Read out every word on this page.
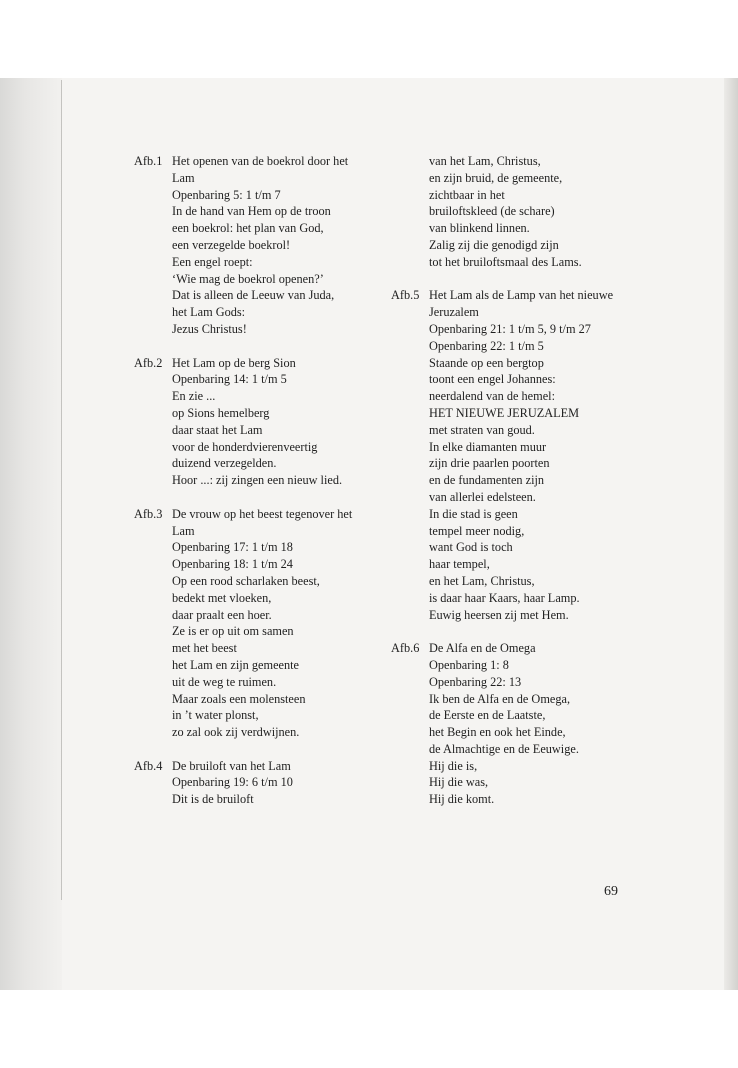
Afb.1 Het openen van de boekrol door het
Lam
Openbaring 5: 1 t/m 7
In de hand van Hem op de troon
een boekrol: het plan van God,
een verzegelde boekrol!
Een engel roept:
‘Wie mag de boekrol openen?’
Dat is alleen de Leeuw van Juda,
het Lam Gods:
Jezus Christus!
Afb.2 Het Lam op de berg Sion
Openbaring 14: 1 t/m 5
En zie ...
op Sions hemelberg
daar staat het Lam
voor de honderdvierenveertig
duizend verzegelden.
Hoor ...: zij zingen een nieuw lied.
Afb.3 De vrouw op het beest tegenover het
Lam
Openbaring 17: 1 t/m 18
Openbaring 18: 1 t/m 24
Op een rood scharlaken beest,
bedekt met vloeken,
daar praalt een hoer.
Ze is er op uit om samen
met het beest
het Lam en zijn gemeente
uit de weg te ruimen.
Maar zoals een molensteen
in ’t water plonst,
zo zal ook zij verdwijnen.
Afb.4 De bruiloft van het Lam
Openbaring 19: 6 t/m 10
Dit is de bruiloft
van het Lam, Christus,
en zijn bruid, de gemeente,
zichtbaar in het
bruiloftskleed (de schare)
van blinkend linnen.
Zalig zij die genodigd zijn
tot het bruiloftsmaal des Lams.
Afb.5 Het Lam als de Lamp van het nieuwe
Jeruzalem
Openbaring 21: 1 t/m 5, 9 t/m 27
Openbaring 22: 1 t/m 5
Staande op een bergtop
toont een engel Johannes:
neerdalend van de hemel:
HET NIEUWE JERUZALEM
met straten van goud.
In elke diamanten muur
zijn drie paarlen poorten
en de fundamenten zijn
van allerlei edelsteen.
In die stad is geen
tempel meer nodig,
want God is toch
haar tempel,
en het Lam, Christus,
is daar haar Kaars, haar Lamp.
Euwig heersen zij met Hem.
Afb.6 De Alfa en de Omega
Openbaring 1: 8
Openbaring 22: 13
Ik ben de Alfa en de Omega,
de Eerste en de Laatste,
het Begin en ook het Einde,
de Almachtige en de Eeuwige.
Hij die is,
Hij die was,
Hij die komt.
69
